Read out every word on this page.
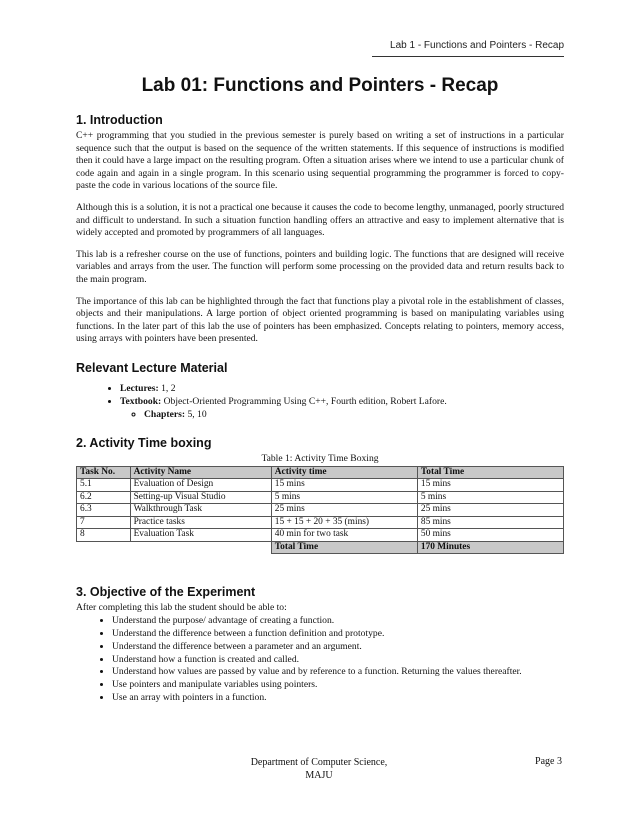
Lab 1 - Functions and Pointers - Recap
Lab 01: Functions and Pointers - Recap
1. Introduction

C++ programming that you studied in the previous semester is purely based on writing a set of instructions in a particular sequence such that the output is based on the sequence of the written statements. If this sequence of instructions is modified then it could have a large impact on the resulting program. Often a situation arises where we intend to use a particular chunk of code again and again in a single program. In this scenario using sequential programming the programmer is forced to copy-paste the code in various locations of the source file.

Although this is a solution, it is not a practical one because it causes the code to become lengthy, unmanaged, poorly structured and difficult to understand. In such a situation function handling offers an attractive and easy to implement alternative that is widely accepted and promoted by programmers of all languages.

This lab is a refresher course on the use of functions, pointers and building logic. The functions that are designed will receive variables and arrays from the user. The function will perform some processing on the provided data and return results back to the main program.

The importance of this lab can be highlighted through the fact that functions play a pivotal role in the establishment of classes, objects and their manipulations. A large portion of object oriented programming is based on manipulating variables using functions. In the later part of this lab the use of pointers has been emphasized. Concepts relating to pointers, memory access, using arrays with pointers have been presented.

Relevant Lecture Material
• Lectures: 1, 2
• Textbook: Object-Oriented Programming Using C++, Fourth edition, Robert Lafore.
◦ Chapters: 5, 10
2. Activity Time boxing
Table 1: Activity Time Boxing
Task No.	Activity Name	Activity time	Total Time
5.1	Evaluation of Design	15 mins	15 mins
6.2	Setting-up Visual Studio	5 mins	5 mins
6.3	Walkthrough Task	25 mins	25 mins
7	Practice tasks	15 + 15 + 20 + 35 (mins)	85 mins
8	Evaluation Task	40 min for two task	50 mins
		Total Time	170 Minutes
3. Objective of the Experiment
After completing this lab the student should be able to:
• Understand the purpose/ advantage of creating a function.
• Understand the difference between a function definition and prototype.
• Understand the difference between a parameter and an argument.
• Understand how a function is created and called.
• Understand how values are passed by value and by reference to a function. Returning the values thereafter.
• Use pointers and manipulate variables using pointers.
• Use an array with pointers in a function.
Department of Computer Science,
MAJU
Page 3
